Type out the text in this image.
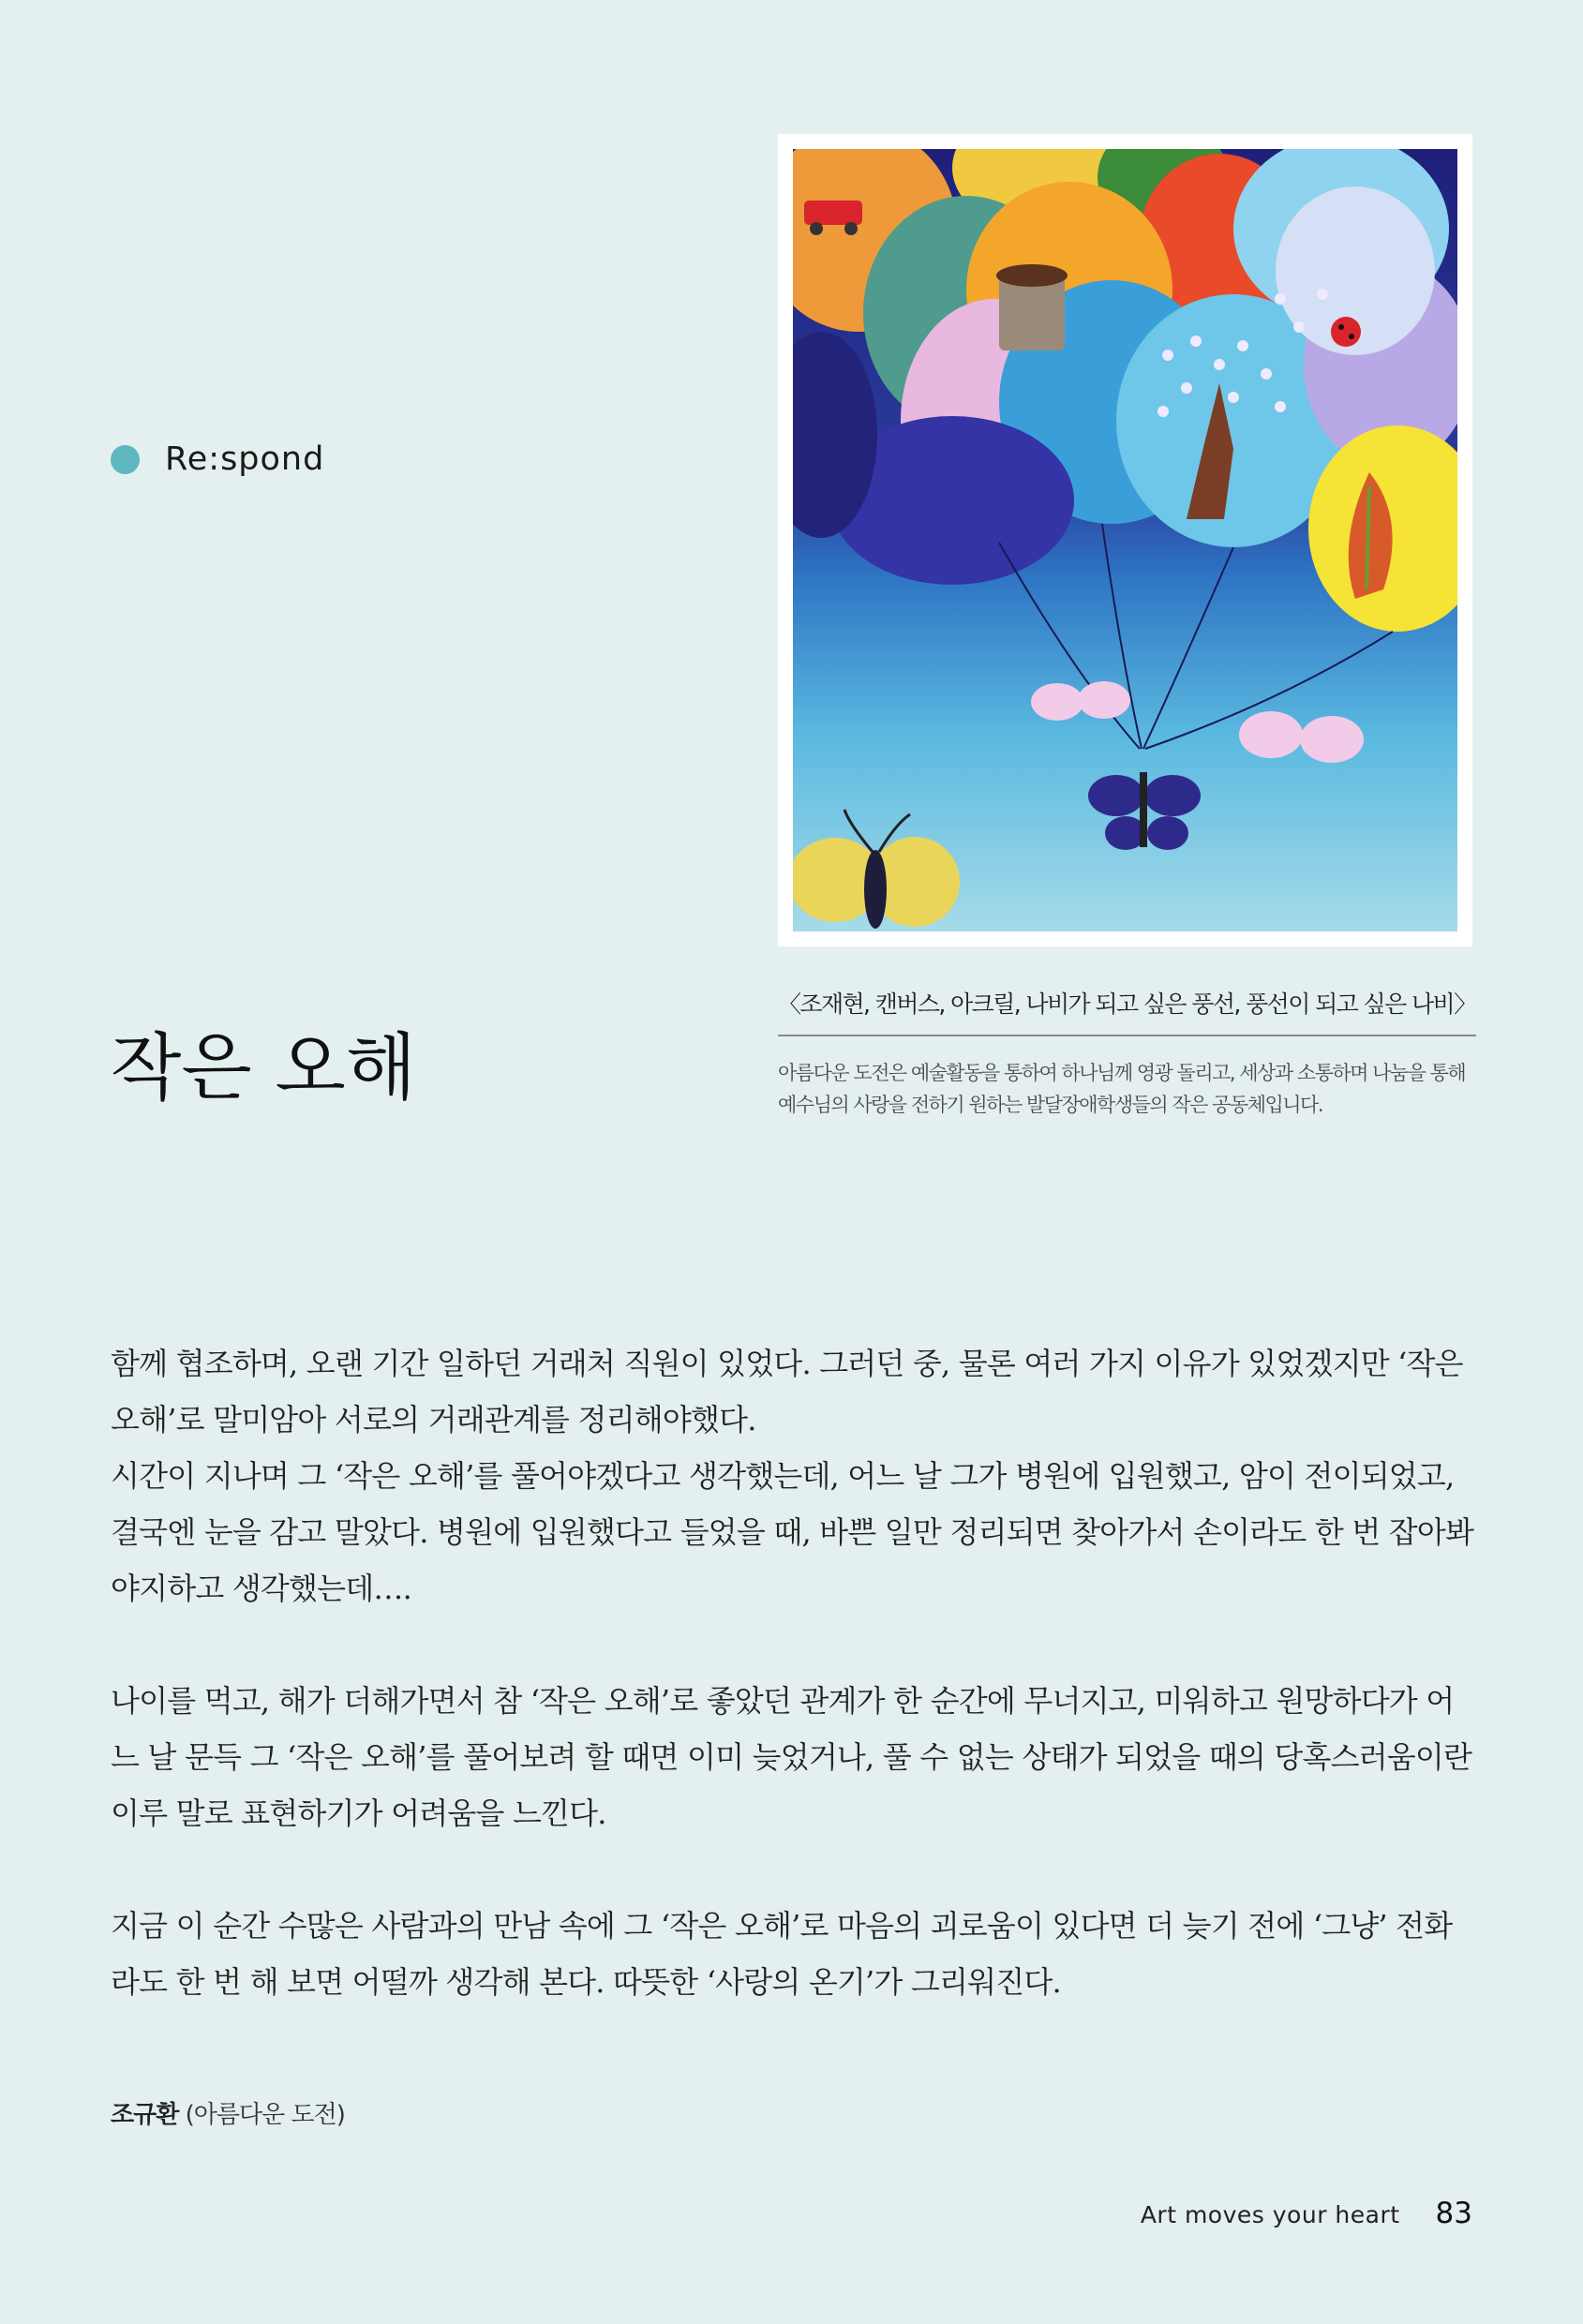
Re:spond
〈조재현, 캔버스, 아크릴, 나비가 되고 싶은 풍선, 풍선이 되고 싶은 나비〉
아름다운 도전은 예술활동을 통하여 하나님께 영광 돌리고, 세상과 소통하며 나눔을 통해 예수님의 사랑을 전하기 원하는 발달장애학생들의 작은 공동체입니다.
작은 오해

함께 협조하며, 오랜 기간 일하던 거래처 직원이 있었다. 그러던 중, 물론 여러 가지 이유가 있었겠지만 ‘작은 오해’로 말미암아 서로의 거래관계를 정리해야했다.

시간이 지나며 그 ‘작은 오해’를 풀어야겠다고 생각했는데, 어느 날 그가 병원에 입원했고, 암이 전이되었고, 결국엔 눈을 감고 말았다. 병원에 입원했다고 들었을 때, 바쁜 일만 정리되면 찾아가서 손이라도 한 번 잡아봐야지하고 생각했는데….

나이를 먹고, 해가 더해가면서 참 ‘작은 오해’로 좋았던 관계가 한 순간에 무너지고, 미워하고 원망하다가 어느 날 문득 그 ‘작은 오해’를 풀어보려 할 때면 이미 늦었거나, 풀 수 없는 상태가 되었을 때의 당혹스러움이란 이루 말로 표현하기가 어려움을 느낀다.

지금 이 순간 수많은 사람과의 만남 속에 그 ‘작은 오해’로 마음의 괴로움이 있다면 더 늦기 전에 ‘그냥’ 전화라도 한 번 해 보면 어떨까 생각해 본다. 따뜻한 ‘사랑의 온기’가 그리워진다.

조규환 (아름다운 도전)
Art moves your heart 83
